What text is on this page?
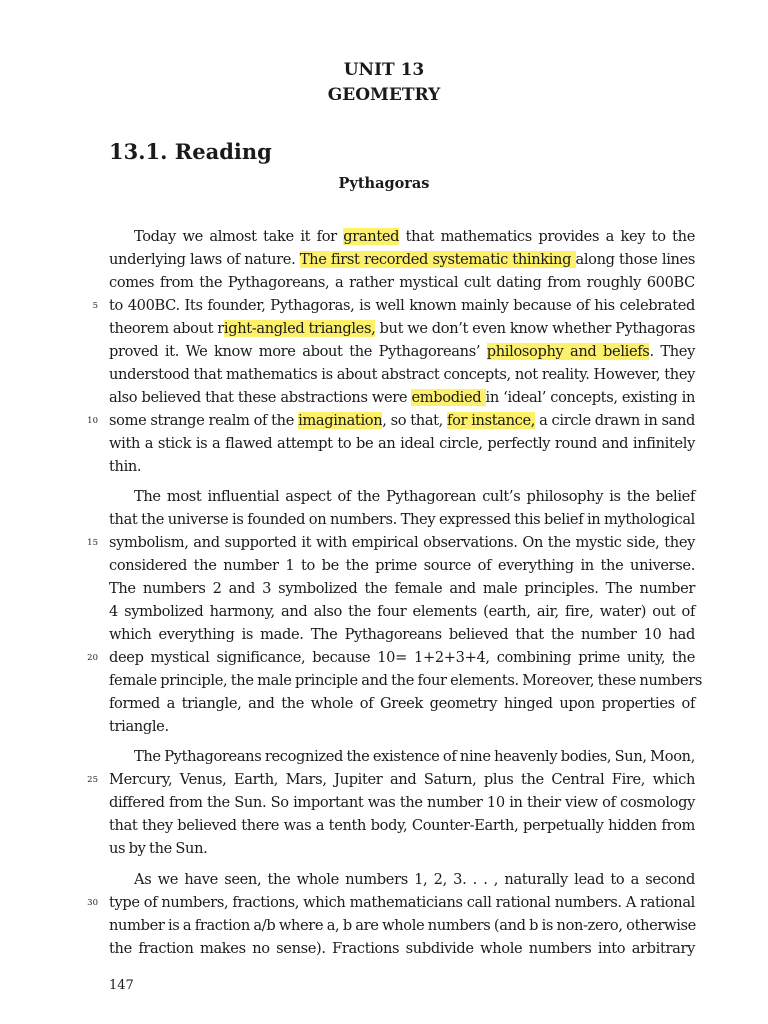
UNIT 13
GEOMETRY
13.1. Reading
Pythagoras
Today we almost take it for granted that mathematics provides a key to the
underlying laws of nature. The first recorded systematic thinking along those lines
comes from the Pythagoreans, a rather mystical cult dating from roughly 600BC
to 400BC. Its founder, Pythagoras, is well known mainly because of his celebrated
theorem about right-angled triangles, but we don’t even know whether Pythagoras
proved it. We know more about the Pythagoreans’ philosophy and beliefs. They
understood that mathematics is about abstract concepts, not reality. However, they
also believed that these abstractions were embodied in ‘ideal’ concepts, existing in
some strange realm of the imagination, so that, for instance, a circle drawn in sand
with a stick is a flawed attempt to be an ideal circle, perfectly round and infinitely
thin.
The most influential aspect of the Pythagorean cult’s philosophy is the belief
that the universe is founded on numbers. They expressed this belief in mythological
symbolism, and supported it with empirical observations. On the mystic side, they
considered the number 1 to be the prime source of everything in the universe.
The numbers 2 and 3 symbolized the female and male principles. The number
4 symbolized harmony, and also the four elements (earth, air, fire, water) out of
which everything is made. The Pythagoreans believed that the number 10 had
deep mystical significance, because 10= 1+2+3+4, combining prime unity, the
female principle, the male principle and the four elements. Moreover, these numbers
formed a triangle, and the whole of Greek geometry hinged upon properties of
triangle.
The Pythagoreans recognized the existence of nine heavenly bodies, Sun, Moon,
Mercury, Venus, Earth, Mars, Jupiter and Saturn, plus the Central Fire, which
differed from the Sun. So important was the number 10 in their view of cosmology
that they believed there was a tenth body, Counter-Earth, perpetually hidden from
us by the Sun.
As we have seen, the whole numbers 1, 2, 3. . . , naturally lead to a second
type of numbers, fractions, which mathematicians call rational numbers. A rational
number is a fraction a/b where a, b are whole numbers (and b is non-zero, otherwise
the fraction makes no sense). Fractions subdivide whole numbers into arbitrary
5
10
15
20
25
30
147
